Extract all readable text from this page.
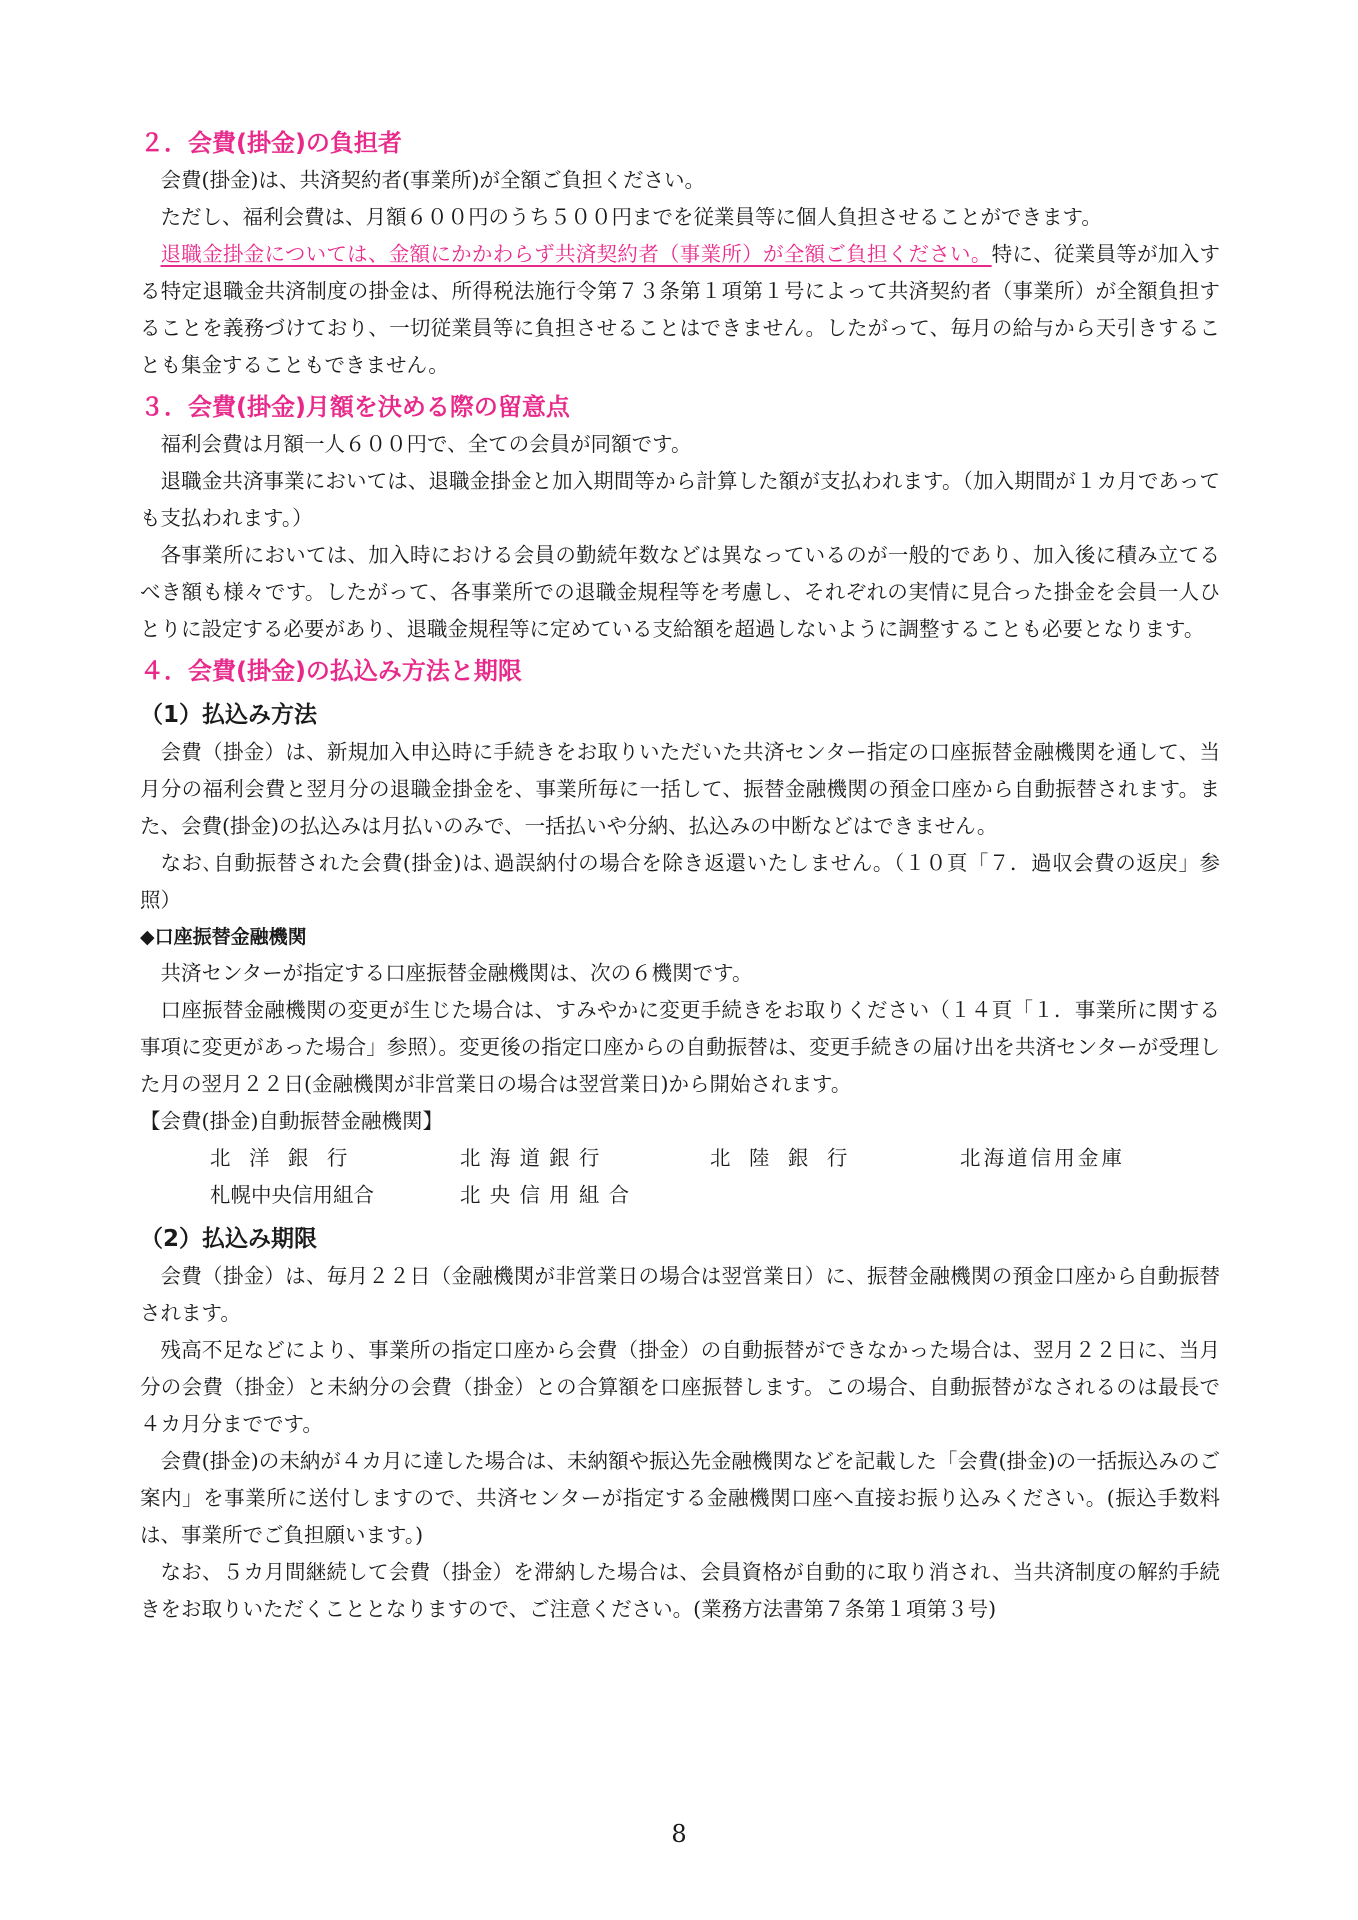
２．会費(掛金)の負担者

会費(掛金)は、共済契約者(事業所)が全額ご負担ください。

ただし、福利会費は、月額６００円のうち５００円までを従業員等に個人負担させることができます。

退職金掛金については、金額にかかわらず共済契約者（事業所）が全額ご負担ください。特に、従業員等が加入する特定退職金共済制度の掛金は、所得税法施行令第７３条第１項第１号によって共済契約者（事業所）が全額負担することを義務づけており、一切従業員等に負担させることはできません。したがって、毎月の給与から天引きすることも集金することもできません。

３．会費(掛金)月額を決める際の留意点

福利会費は月額一人６００円で、全ての会員が同額です。

退職金共済事業においては、退職金掛金と加入期間等から計算した額が支払われます。（加入期間が１カ月であっても支払われます。）

各事業所においては、加入時における会員の勤続年数などは異なっているのが一般的であり、加入後に積み立てるべき額も様々です。したがって、各事業所での退職金規程等を考慮し、それぞれの実情に見合った掛金を会員一人ひとりに設定する必要があり、退職金規程等に定めている支給額を超過しないように調整することも必要となります。

４．会費(掛金)の払込み方法と期限
（1）払込み方法

会費（掛金）は、新規加入申込時に手続きをお取りいただいた共済センター指定の口座振替金融機関を通して、当月分の福利会費と翌月分の退職金掛金を、事業所毎に一括して、振替金融機関の預金口座から自動振替されます。また、会費(掛金)の払込みは月払いのみで、一括払いや分納、払込みの中断などはできません。

なお､自動振替された会費(掛金)は､過誤納付の場合を除き返還いたしません｡（１０頁「７．過収会費の返戻」参照）

◆口座振替金融機関

共済センターが指定する口座振替金融機関は、次の６機関です。

口座振替金融機関の変更が生じた場合は、すみやかに変更手続きをお取りください（１４頁「１．事業所に関する事項に変更があった場合」参照）。変更後の指定口座からの自動振替は、変更手続きの届け出を共済センターが受理した月の翌月２２日(金融機関が非営業日の場合は翌営業日)から開始されます。

【会費(掛金)自動振替金融機関】

北洋銀行	北海道銀行	北陸銀行	北海道信用金庫
札幌中央信用組合	北央信用組合
（2）払込み期限

会費（掛金）は、毎月２２日（金融機関が非営業日の場合は翌営業日）に、振替金融機関の預金口座から自動振替されます。

残高不足などにより、事業所の指定口座から会費（掛金）の自動振替ができなかった場合は、翌月２２日に、当月分の会費（掛金）と未納分の会費（掛金）との合算額を口座振替します。この場合、自動振替がなされるのは最長で４カ月分までです。

会費(掛金)の未納が４カ月に達した場合は、未納額や振込先金融機関などを記載した「会費(掛金)の一括振込みのご案内」を事業所に送付しますので、共済センターが指定する金融機関口座へ直接お振り込みください。(振込手数料は、事業所でご負担願います。)

なお、５カ月間継続して会費（掛金）を滞納した場合は、会員資格が自動的に取り消され、当共済制度の解約手続きをお取りいただくこととなりますので、ご注意ください。(業務方法書第７条第１項第３号)

8
